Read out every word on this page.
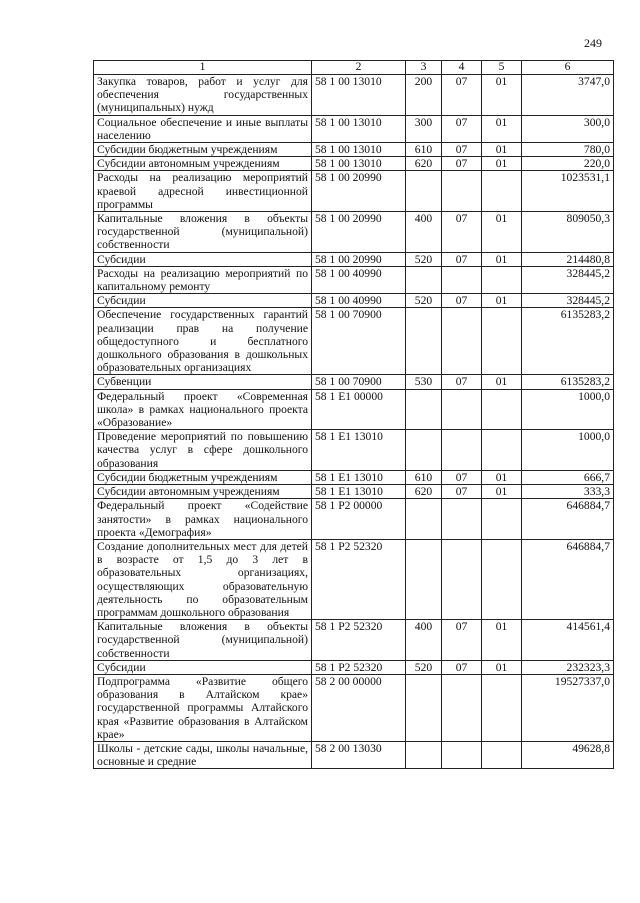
249
1	2	3	4	5	6
Закупка товаров, работ и услуг для обеспечения государственных (муниципальных) нужд	58 1 00 13010	200	07	01	3747,0
Социальное обеспечение и иные выплаты населению	58 1 00 13010	300	07	01	300,0
Субсидии бюджетным учреждениям	58 1 00 13010	610	07	01	780,0
Субсидии автономным учреждениям	58 1 00 13010	620	07	01	220,0
Расходы на реализацию мероприятий краевой адресной инвестиционной программы	58 1 00 20990				1023531,1
Капитальные вложения в объекты государственной (муниципальной) собственности	58 1 00 20990	400	07	01	809050,3
Субсидии	58 1 00 20990	520	07	01	214480,8
Расходы на реализацию мероприятий по капитальному ремонту	58 1 00 40990				328445,2
Субсидии	58 1 00 40990	520	07	01	328445,2
Обеспечение государственных гарантий реализации прав на получение общедоступного и бесплатного дошкольного образования в дошкольных образовательных организациях	58 1 00 70900				6135283,2
Субвенции	58 1 00 70900	530	07	01	6135283,2
Федеральный проект «Современная школа» в рамках национального проекта «Образование»	58 1 E1 00000				1000,0
Проведение мероприятий по повышению качества услуг в сфере дошкольного образования	58 1 E1 13010				1000,0
Субсидии бюджетным учреждениям	58 1 E1 13010	610	07	01	666,7
Субсидии автономным учреждениям	58 1 E1 13010	620	07	01	333,3
Федеральный проект «Содействие занятости» в рамках национального проекта «Демография»	58 1 P2 00000				646884,7
Создание дополнительных мест для детей в возрасте от 1,5 до 3 лет в образовательных организациях, осуществляющих образовательную деятельность по образовательным программам дошкольного образования	58 1 P2 52320				646884,7
Капитальные вложения в объекты государственной (муниципальной) собственности	58 1 P2 52320	400	07	01	414561,4
Субсидии	58 1 P2 52320	520	07	01	232323,3
Подпрограмма «Развитие общего образования в Алтайском крае» государственной программы Алтайского края «Развитие образования в Алтайском крае»	58 2 00 00000				19527337,0
Школы - детские сады, школы начальные, основные и средние	58 2 00 13030				49628,8
